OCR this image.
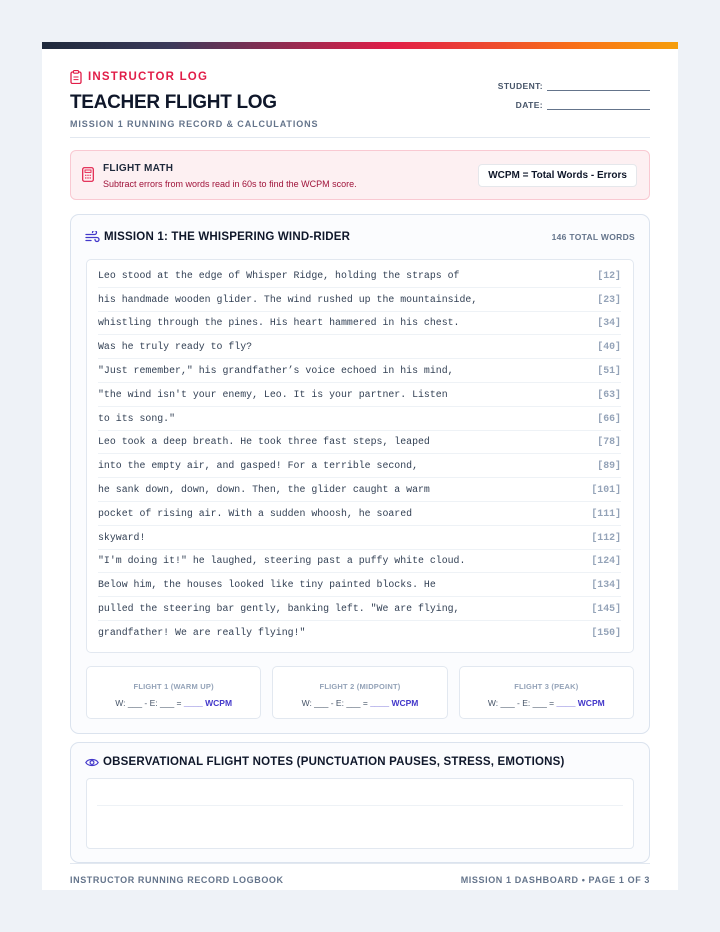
INSTRUCTOR LOG
TEACHER FLIGHT LOG
MISSION 1 RUNNING RECORD & CALCULATIONS
STUDENT:
DATE:
FLIGHT MATH
Subtract errors from words read in 60s to find the WCPM score.
WCPM = Total Words - Errors
MISSION 1: THE WHISPERING WIND-RIDER	146 TOTAL WORDS
Leo stood at the edge of Whisper Ridge, holding the straps of	[12]
his handmade wooden glider. The wind rushed up the mountainside,	[23]
whistling through the pines. His heart hammered in his chest.	[34]
Was he truly ready to fly?	[40]
"Just remember," his grandfather’s voice echoed in his mind,	[51]
"the wind isn't your enemy, Leo. It is your partner. Listen	[63]
to its song."	[66]
Leo took a deep breath. He took three fast steps, leaped	[78]
into the empty air, and gasped! For a terrible second,	[89]
he sank down, down, down. Then, the glider caught a warm	[101]
pocket of rising air. With a sudden whoosh, he soared	[111]
skyward!	[112]
"I'm doing it!" he laughed, steering past a puffy white cloud.	[124]
Below him, the houses looked like tiny painted blocks. He	[134]
pulled the steering bar gently, banking left. "We are flying,	[145]
grandfather! We are really flying!"	[150]
FLIGHT 1 (WARM UP)
W: ___ - E: ___ = ____ WCPM
FLIGHT 2 (MIDPOINT)
W: ___ - E: ___ = ____ WCPM
FLIGHT 3 (PEAK)
W: ___ - E: ___ = ____ WCPM
OBSERVATIONAL FLIGHT NOTES (PUNCTUATION PAUSES, STRESS, EMOTIONS)
INSTRUCTOR RUNNING RECORD LOGBOOK	MISSION 1 DASHBOARD • PAGE 1 OF 3
